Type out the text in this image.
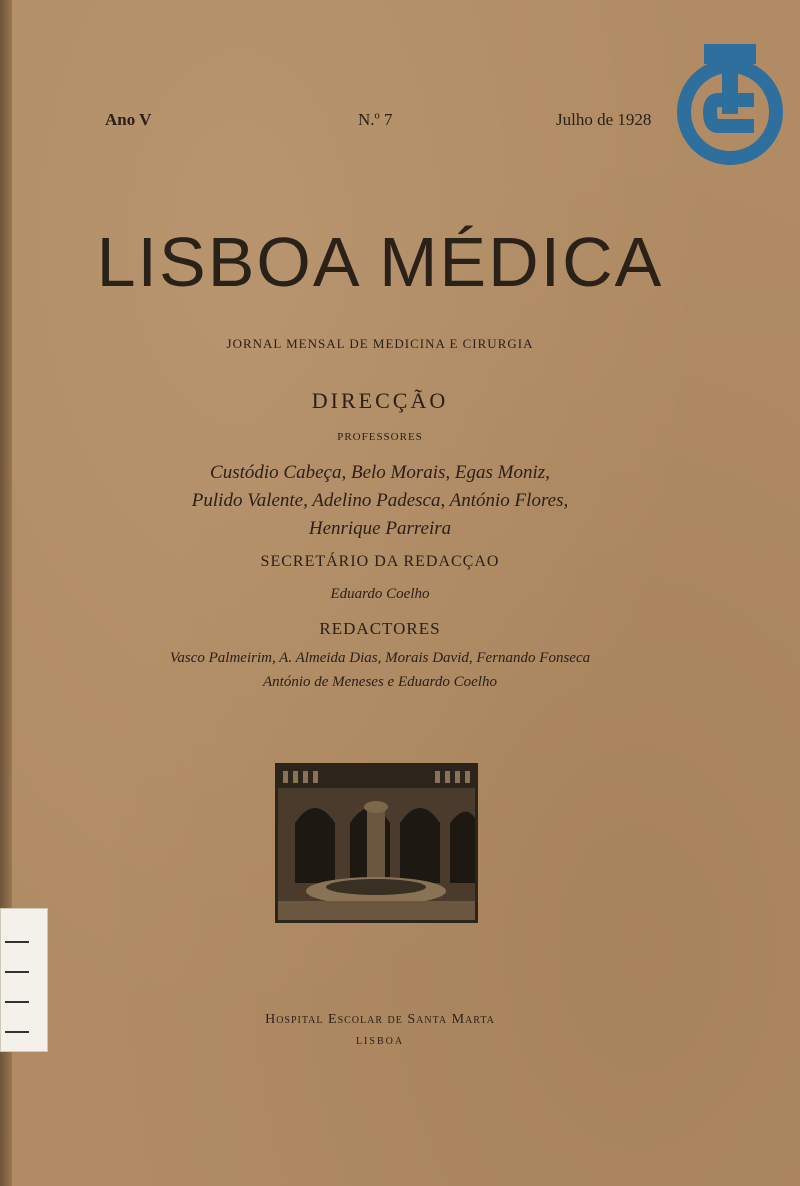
Ano V	N.º 7	Julho de 1928
LISBOA MÉDICA
JORNAL MENSAL DE MEDICINA E CIRURGIA
DIRECÇÃO
PROFESSORES
Custódio Cabeça, Belo Morais, Egas Moniz,
Pulido Valente, Adelino Padesca, António Flores,
Henrique Parreira
SECRETÁRIO DA REDACÇAO
Eduardo Coelho
REDACTORES
Vasco Palmeirim, A. Almeida Dias, Morais David, Fernando Fonseca
António de Meneses e Eduardo Coelho
Hospital Escolar de Santa Marta
LISBOA
